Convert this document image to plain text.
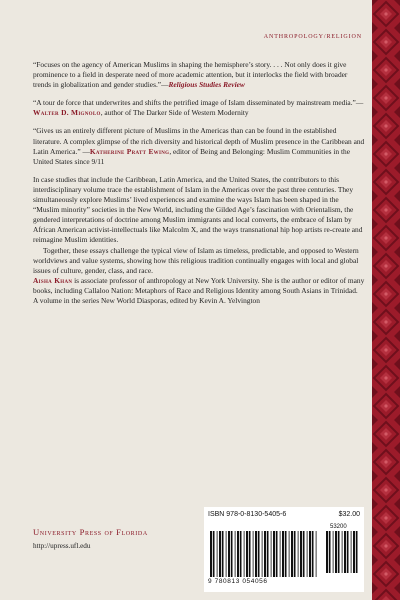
ANTHROPOLOGY/RELIGION

“Focuses on the agency of American Muslims in shaping the hemisphere’s story. . . . Not only does it give prominence to a field in desperate need of more academic attention, but it interlocks the field with broader trends in globalization and gender studies.”—Religious Studies Review

“A tour de force that underwrites and shifts the petrified image of Islam disseminated by mainstream media.”—Walter D. Mignolo, author of The Darker Side of Western Modernity

“Gives us an entirely different picture of Muslims in the Americas than can be found in the established literature. A complex glimpse of the rich diversity and historical depth of Muslim presence in the Caribbean and Latin America.” —Katherine Pratt Ewing, editor of Being and Belonging: Muslim Communities in the United States since 9/11

In case studies that include the Caribbean, Latin America, and the United States, the contributors to this interdisciplinary volume trace the establishment of Islam in the Americas over the past three centuries. They simultaneously explore Muslims’ lived experiences and examine the ways Islam has been shaped in the “Muslim minority” societies in the New World, including the Gilded Age’s fascination with Orientalism, the gendered interpretations of doctrine among Muslim immigrants and local converts, the embrace of Islam by African American activist-intellectuals like Malcolm X, and the ways transnational hip hop artists re-create and reimagine Muslim identities.

Together, these essays challenge the typical view of Islam as timeless, predictable, and opposed to Western worldviews and value systems, showing how this religious tradition continually engages with local and global issues of culture, gender, class, and race.

Aisha Khan is associate professor of anthropology at New York University. She is the author or editor of many books, including Callaloo Nation: Metaphors of Race and Religious Identity among South Asians in Trinidad.

A volume in the series New World Diasporas, edited by Kevin A. Yelvington

University Press of Florida
http://upress.ufl.edu
ISBN 978-0-8130-5405-6	$32.00
53200
9 780813 054056
